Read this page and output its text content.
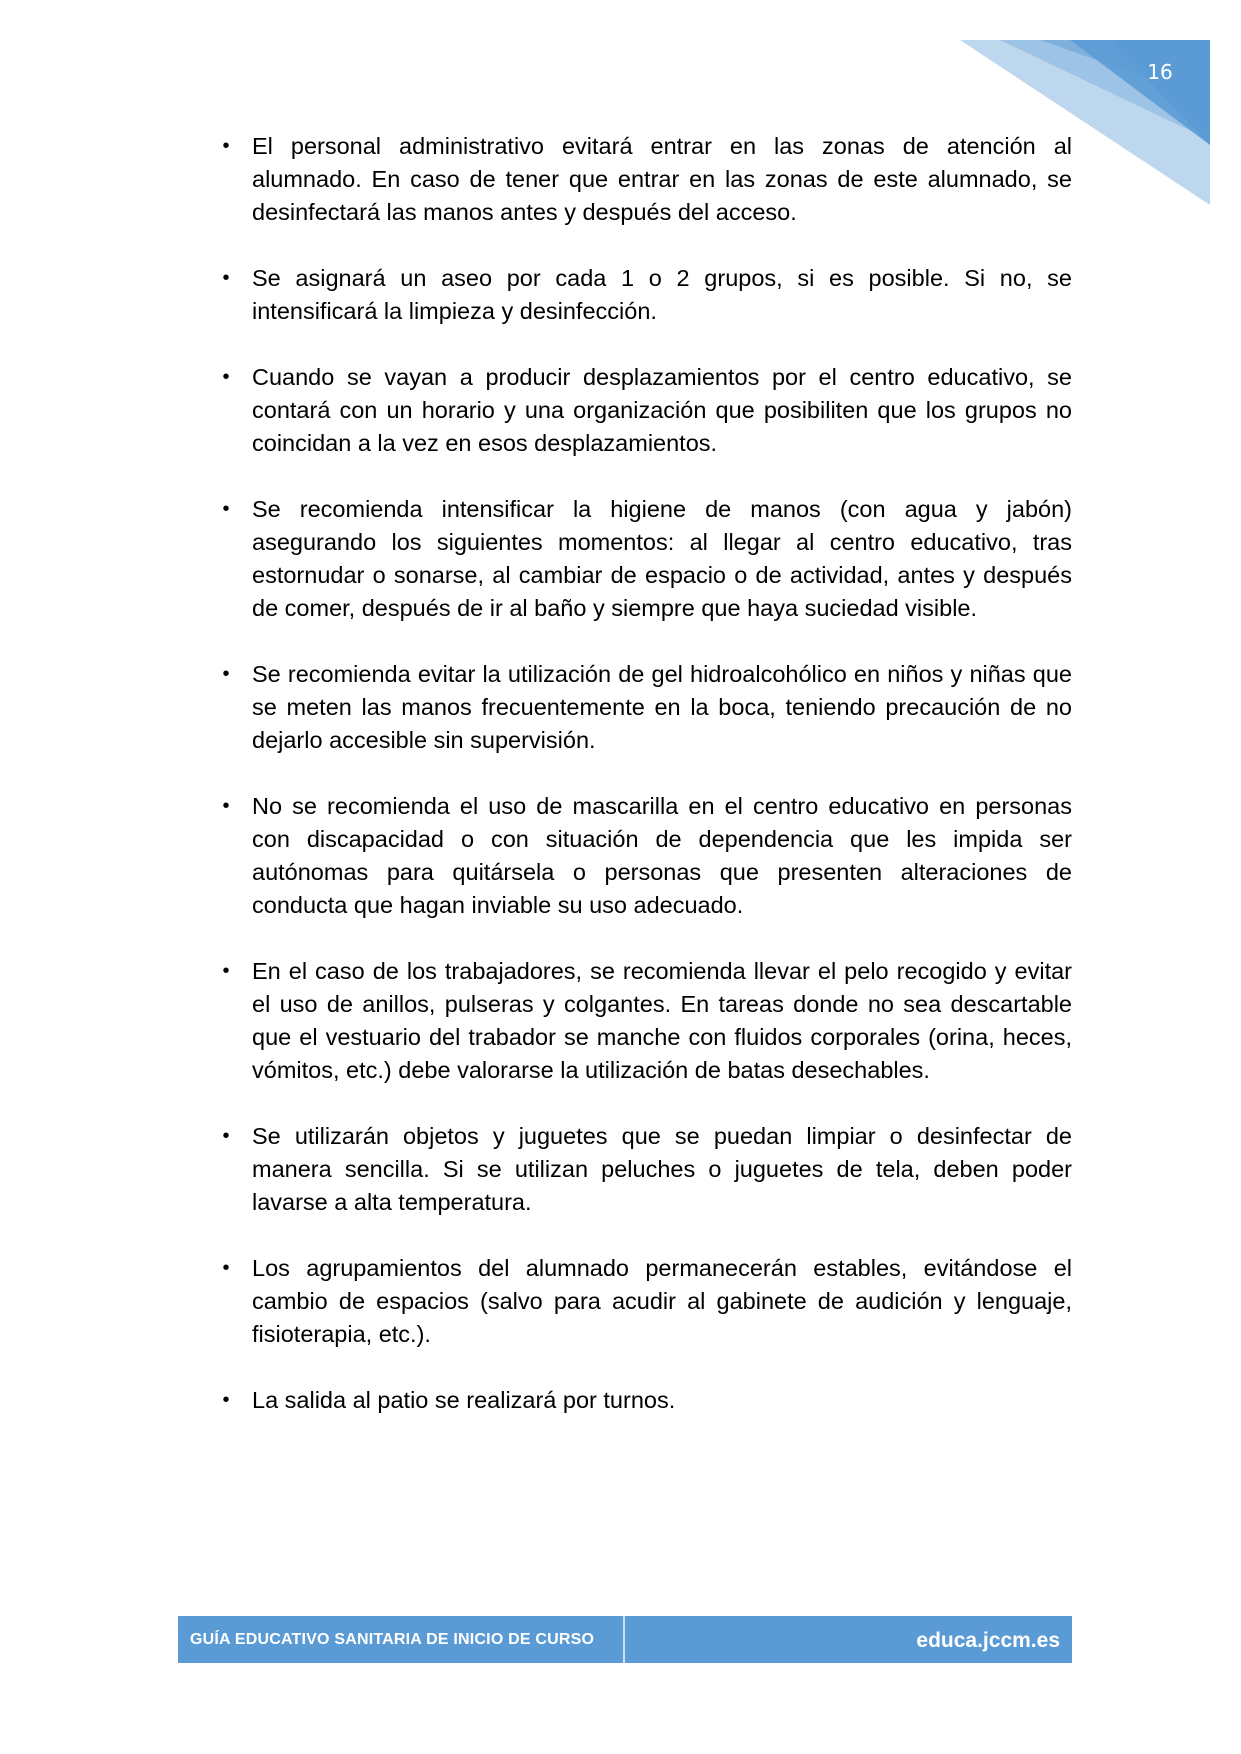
16
• El personal administrativo evitará entrar en las zonas de atención al alumnado. En caso de tener que entrar en las zonas de este alumnado, se desinfectará las manos antes y después del acceso.
• Se asignará un aseo por cada 1 o 2 grupos, si es posible. Si no, se intensificará la limpieza y desinfección.
• Cuando se vayan a producir desplazamientos por el centro educativo, se contará con un horario y una organización que posibiliten que los grupos no coincidan a la vez en esos desplazamientos.
• Se recomienda intensificar la higiene de manos (con agua y jabón) asegurando los siguientes momentos: al llegar al centro educativo, tras estornudar o sonarse, al cambiar de espacio o de actividad, antes y después de comer, después de ir al baño y siempre que haya suciedad visible.
• Se recomienda evitar la utilización de gel hidroalcohólico en niños y niñas que se meten las manos frecuentemente en la boca, teniendo precaución de no dejarlo accesible sin supervisión.
• No se recomienda el uso de mascarilla en el centro educativo en personas con discapacidad o con situación de dependencia que les impida ser autónomas para quitársela o personas que presenten alteraciones de conducta que hagan inviable su uso adecuado.
• En el caso de los trabajadores, se recomienda llevar el pelo recogido y evitar el uso de anillos, pulseras y colgantes. En tareas donde no sea descartable que el vestuario del trabador se manche con fluidos corporales (orina, heces, vómitos, etc.) debe valorarse la utilización de batas desechables.
• Se utilizarán objetos y juguetes que se puedan limpiar o desinfectar de manera sencilla. Si se utilizan peluches o juguetes de tela, deben poder lavarse a alta temperatura.
• Los agrupamientos del alumnado permanecerán estables, evitándose el cambio de espacios (salvo para acudir al gabinete de audición y lenguaje, fisioterapia, etc.).
• La salida al patio se realizará por turnos.
GUÍA EDUCATIVO SANITARIA DE INICIO DE CURSO	educa.jccm.es
